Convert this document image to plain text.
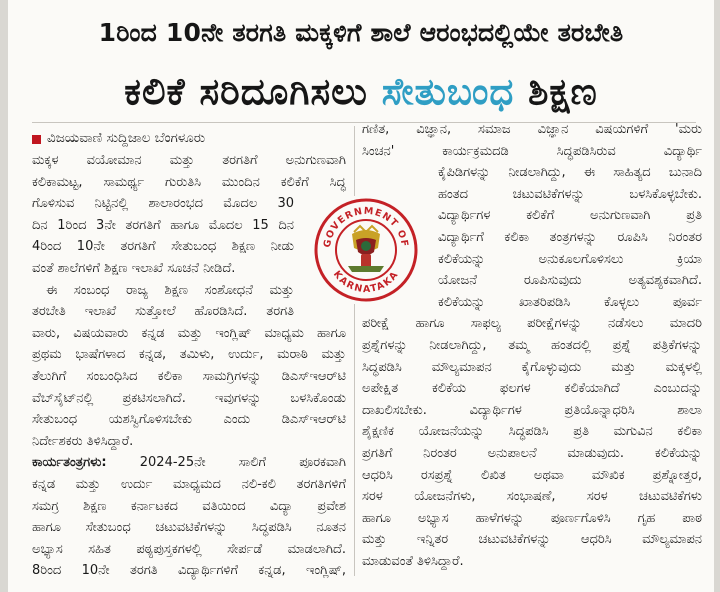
1ರಿಂದ 10ನೇ ತರಗತಿ ಮಕ್ಕಳಿಗೆ ಶಾಲೆ ಆರಂಭದಲ್ಲಿಯೇ ತರಬೇತಿ
ಕಲಿಕೆ ಸರಿದೂಗಿಸಲು ಸೇತುಬಂಧ ಶಿಕ್ಷಣ
ವಿಜಯವಾಣಿ ಸುದ್ದಿಜಾಲ ಬೆಂಗಳೂರು
ಮಕ್ಕಳ ವಯೋಮಾನ ಮತ್ತು ತರಗತಿಗೆ ಅನುಗುಣವಾಗಿ
ಕಲಿಕಾಮಟ್ಟ, ಸಾಮರ್ಥ್ಯ ಗುರುತಿಸಿ ಮುಂದಿನ ಕಲಿಕೆಗೆ ಸಿದ್ಧ
ಗೊಳಿಸುವ ನಿಟ್ಟಿನಲ್ಲಿ ಶಾಲಾರಂಭದ ಮೊದಲ 30
ದಿನ 1ರಿಂದ 3ನೇ ತರಗತಿಗೆ ಹಾಗೂ ಮೊದಲ 15 ದಿನ
4ರಿಂದ 10ನೇ ತರಗತಿಗೆ ಸೇತುಬಂಧ ಶಿಕ್ಷಣ ನೀಡು
ವಂತೆ ಶಾಲೆಗಳಿಗೆ ಶಿಕ್ಷಣ ಇಲಾಖೆ ಸೂಚನೆ ನೀಡಿದೆ.
ಈ ಸಂಬಂಧ ರಾಜ್ಯ ಶಿಕ್ಷಣ ಸಂಶೋಧನೆ ಮತ್ತು
ತರಬೇತಿ ಇಲಾಖೆ ಸುತ್ತೋಲೆ ಹೊರಡಿಸಿದೆ. ತರಗತಿ
ವಾರು, ವಿಷಯವಾರು ಕನ್ನಡ ಮತ್ತು ಇಂಗ್ಲಿಷ್ ಮಾಧ್ಯಮ ಹಾಗೂ
ಪ್ರಥಮ ಭಾಷೆಗಳಾದ ಕನ್ನಡ, ತಮಿಳು, ಉರ್ದು, ಮರಾಠಿ ಮತ್ತು
ತೆಲುಗಿಗೆ ಸಂಬಂಧಿಸಿದ ಕಲಿಕಾ ಸಾಮಗ್ರಿಗಳನ್ನು ಡಿಎಸ್ಇಆರ್‌ಟಿ
ವೆಬ್‌ಸೈಟ್‌ನಲ್ಲಿ ಪ್ರಕಟಿಸಲಾಗಿದೆ. ಇವುಗಳನ್ನು ಬಳಸಿಕೊಂಡು
ಸೇತುಬಂಧ ಯಶಸ್ವಿಗೊಳಿಸಬೇಕು ಎಂದು ಡಿಎಸ್ಇಆರ್‌ಟಿ
ನಿರ್ದೇಶಕರು ತಿಳಿಸಿದ್ದಾರೆ.
ಕಾರ್ಯತಂತ್ರಗಳು: 2024-25ನೇ ಸಾಲಿಗೆ ಪೂರಕವಾಗಿ
ಕನ್ನಡ ಮತ್ತು ಉರ್ದು ಮಾಧ್ಯಮದ ನಲಿ-ಕಲಿ ತರಗತಿಗಳಿಗೆ
ಸಮಗ್ರ ಶಿಕ್ಷಣ ಕರ್ನಾಟಕದ ವತಿಯಿಂದ ವಿದ್ಯಾ ಪ್ರವೇಶ
ಹಾಗೂ ಸೇತುಬಂಧ ಚಟುವಟಿಕೆಗಳನ್ನು ಸಿದ್ಧಪಡಿಸಿ ನೂತನ
ಅಭ್ಯಾಸ ಸಹಿತ ಪಠ್ಯಪುಸ್ತಕಗಳಲ್ಲಿ ಸೇರ್ಪಡೆ ಮಾಡಲಾಗಿದೆ.
8ರಿಂದ 10ನೇ ತರಗತಿ ವಿದ್ಯಾರ್ಥಿಗಳಿಗೆ ಕನ್ನಡ, ಇಂಗ್ಲಿಷ್,
GOVERNMENT OF
KARNATAKA
ಗಣಿತ, ವಿಜ್ಞಾನ, ಸಮಾಜ ವಿಜ್ಞಾನ ವಿಷಯಗಳಿಗೆ 'ಮರು
ಸಿಂಚನ' ಕಾರ್ಯಕ್ರಮದಡಿ ಸಿದ್ಧಪಡಿಸಿರುವ ವಿದ್ಯಾರ್ಥಿ
ಕೈಪಿಡಿಗಳನ್ನು ನೀಡಲಾಗಿದ್ದು, ಈ ಸಾಹಿತ್ಯದ ಬುನಾದಿ
ಹಂತದ ಚಟುವಟಿಕೆಗಳನ್ನು ಬಳಸಿಕೊಳ್ಳಬೇಕು.
ವಿದ್ಯಾರ್ಥಿಗಳ ಕಲಿಕೆಗೆ ಅನುಗುಣವಾಗಿ ಪ್ರತಿ
ವಿದ್ಯಾರ್ಥಿಗೆ ಕಲಿಕಾ ತಂತ್ರಗಳನ್ನು ರೂಪಿಸಿ ನಿರಂತರ
ಕಲಿಕೆಯನ್ನು ಅನುಕೂಲಗೊಳಿಸಲು ಕ್ರಿಯಾ
ಯೋಜನೆ ರೂಪಿಸುವುದು ಅತ್ಯವಶ್ಯಕವಾಗಿದೆ.
ಕಲಿಕೆಯನ್ನು ಖಾತರಿಪಡಿಸಿ ಕೊಳ್ಳಲು ಪೂರ್ವ
ಪರೀಕ್ಷೆ ಹಾಗೂ ಸಾಫಲ್ಯ ಪರೀಕ್ಷೆಗಳನ್ನು ನಡೆಸಲು ಮಾದರಿ
ಪ್ರಶ್ನೆಗಳನ್ನು ನೀಡಲಾಗಿದ್ದು, ತಮ್ಮ ಹಂತದಲ್ಲಿ ಪ್ರಶ್ನೆ ಪತ್ರಿಕೆಗಳನ್ನು
ಸಿದ್ಧಪಡಿಸಿ ಮೌಲ್ಯಮಾಪನ ಕೈಗೊಳ್ಳುವುದು ಮತ್ತು ಮಕ್ಕಳಲ್ಲಿ
ಅಪೇಕ್ಷಿತ ಕಲಿಕೆಯ ಫಲಗಳ ಕಲಿಕೆಯಾಗಿದೆ ಎಂಬುದನ್ನು
ದಾಖಲಿಸಬೇಕು. ವಿದ್ಯಾರ್ಥಿಗಳ ಪ್ರತಿಯೊನ್ನಾಧರಿಸಿ ಶಾಲಾ
ಶೈಕ್ಷಣಿಕ ಯೋಜನೆಯನ್ನು ಸಿದ್ಧಪಡಿಸಿ ಪ್ರತಿ ಮಗುವಿನ ಕಲಿಕಾ
ಪ್ರಗತಿಗೆ ನಿರಂತರ ಅನುಪಾಲನೆ ಮಾಡುವುದು. ಕಲಿಕೆಯನ್ನು
ಆಧರಿಸಿ ರಸಪ್ರಶ್ನೆ ಲಿಖಿತ ಅಥವಾ ಮೌಖಿಕ ಪ್ರಶ್ನೋತ್ತರ,
ಸರಳ ಯೋಜನೆಗಳು, ಸಂಭಾಷಣೆ, ಸರಳ ಚಟುವಟಿಕೆಗಳು
ಹಾಗೂ ಅಭ್ಯಾಸ ಹಾಳೆಗಳನ್ನು ಪೂರ್ಣಗೊಳಿಸಿ ಗೃಹ ಪಾಠ
ಮತ್ತು ಇನ್ನಿತರ ಚಟುವಟಿಕೆಗಳನ್ನು ಆಧರಿಸಿ ಮೌಲ್ಯಮಾಪನ
ಮಾಡುವಂತೆ ತಿಳಿಸಿದ್ದಾರೆ.
